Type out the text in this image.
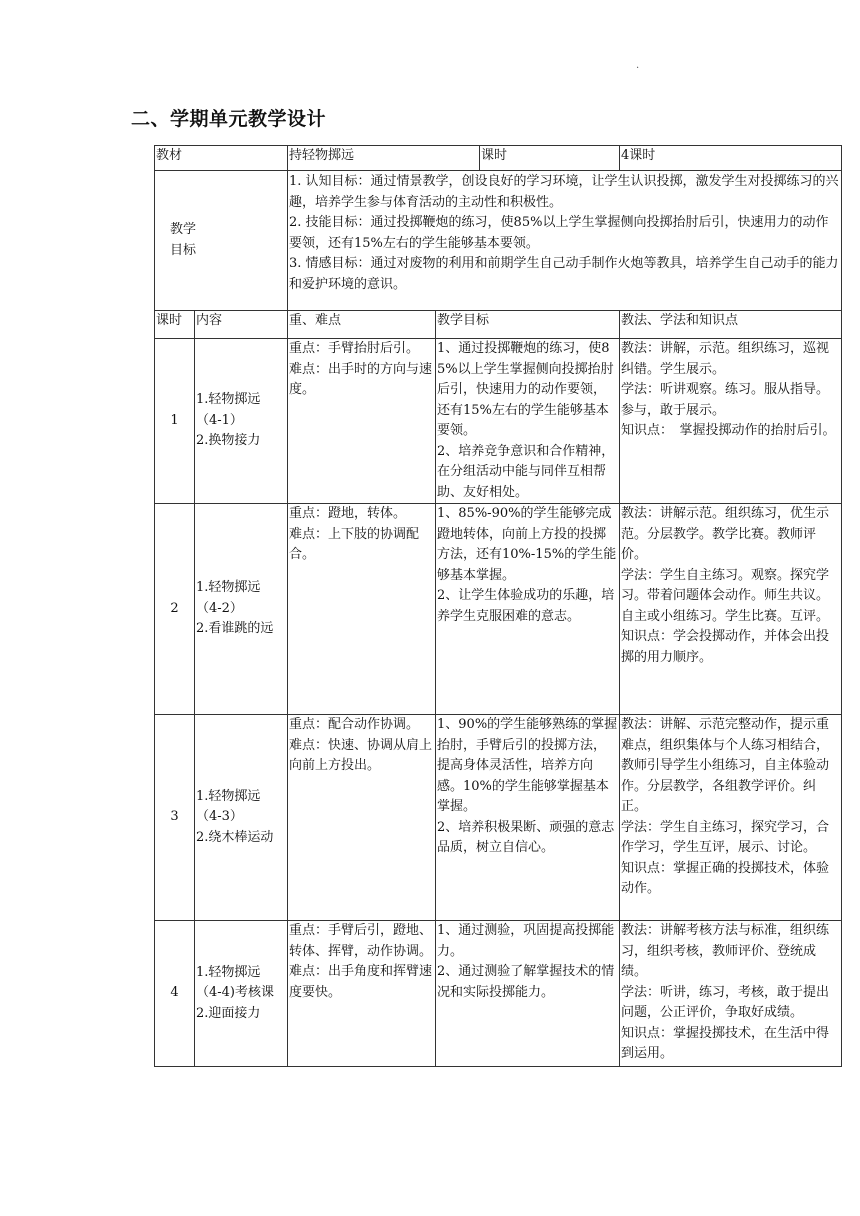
.
二、学期单元教学设计
教材		持轻物掷远 课时		4课时

教学
目标		1. 认知目标：通过情景教学，创设良好的学习环境，让学生认识投掷，激发学生对投掷练习的兴趣，培养学生参与体育活动的主动性和积极性。
2. 技能目标：通过投掷鞭炮的练习，使85%以上学生掌握侧向投掷抬肘后引，快速用力的动作要领，还有15%左右的学生能够基本要领。
3. 情感目标：通过对废物的利用和前期学生自己动手制作火炮等教具，培养学生自己动手的能力和爱护环境的意识。		

课时	内容	重、难点	教学目标	教法、学法和知识点
1	1.轻物掷远
（4-1）
2.换物接力	重点：手臂抬肘后引。
难点：出手时的方向与速度。	1、通过投掷鞭炮的练习，使85%以上学生掌握侧向投掷抬肘后引，快速用力的动作要领，还有15%左右的学生能够基本要领。
2、培养竞争意识和合作精神，在分组活动中能与同伴互相帮助、友好相处。	教法：讲解，示范。组织练习，巡视纠错。学生展示。
学法：听讲观察。练习。服从指导。参与，敢于展示。
知识点：　掌握投掷动作的抬肘后引。

2	1.轻物掷远
（4-2）
2.看谁跳的远	重点：蹬地，转体。
难点：上下肢的协调配合。	1、85%-90%的学生能够完成蹬地转体，向前上方投的投掷方法，还有10%-15%的学生能够基本掌握。
2、让学生体验成功的乐趣，培养学生克服困难的意志。	教法：讲解示范。组织练习，优生示范。分层教学。教学比赛。教师评价。
学法：学生自主练习。观察。探究学习。带着问题体会动作。师生共议。自主或小组练习。学生比赛。互评。
知识点：学会投掷动作，并体会出投掷的用力顺序。

3	1.轻物掷远
（4-3）
2.绕木棒运动	重点：配合动作协调。
难点：快速、协调从肩上向前上方投出。	1、90%的学生能够熟练的掌握抬肘，手臂后引的投掷方法，提高身体灵活性，培养方向感。10%的学生能够掌握基本掌握。
2、培养积极果断、顽强的意志品质，树立自信心。	教法：讲解、示范完整动作，提示重难点，组织集体与个人练习相结合，教师引导学生小组练习，自主体验动作。分层教学，各组教学评价。纠正。
学法：学生自主练习，探究学习，合作学习，学生互评，展示、讨论。
知识点：掌握正确的投掷技术，体验动作。

4	1.轻物掷远
（4-4)考核课
2.迎面接力	重点：手臂后引，蹬地、转体、挥臂，动作协调。
难点：出手角度和挥臂速度要快。	1、通过测验，巩固提高投掷能力。
2、通过测验了解掌握技术的情况和实际投掷能力。	教法：讲解考核方法与标准，组织练习，组织考核，教师评价、登统成绩。
学法：听讲，练习，考核，敢于提出问题，公正评价，争取好成绩。
知识点：掌握投掷技术，在生活中得到运用。
